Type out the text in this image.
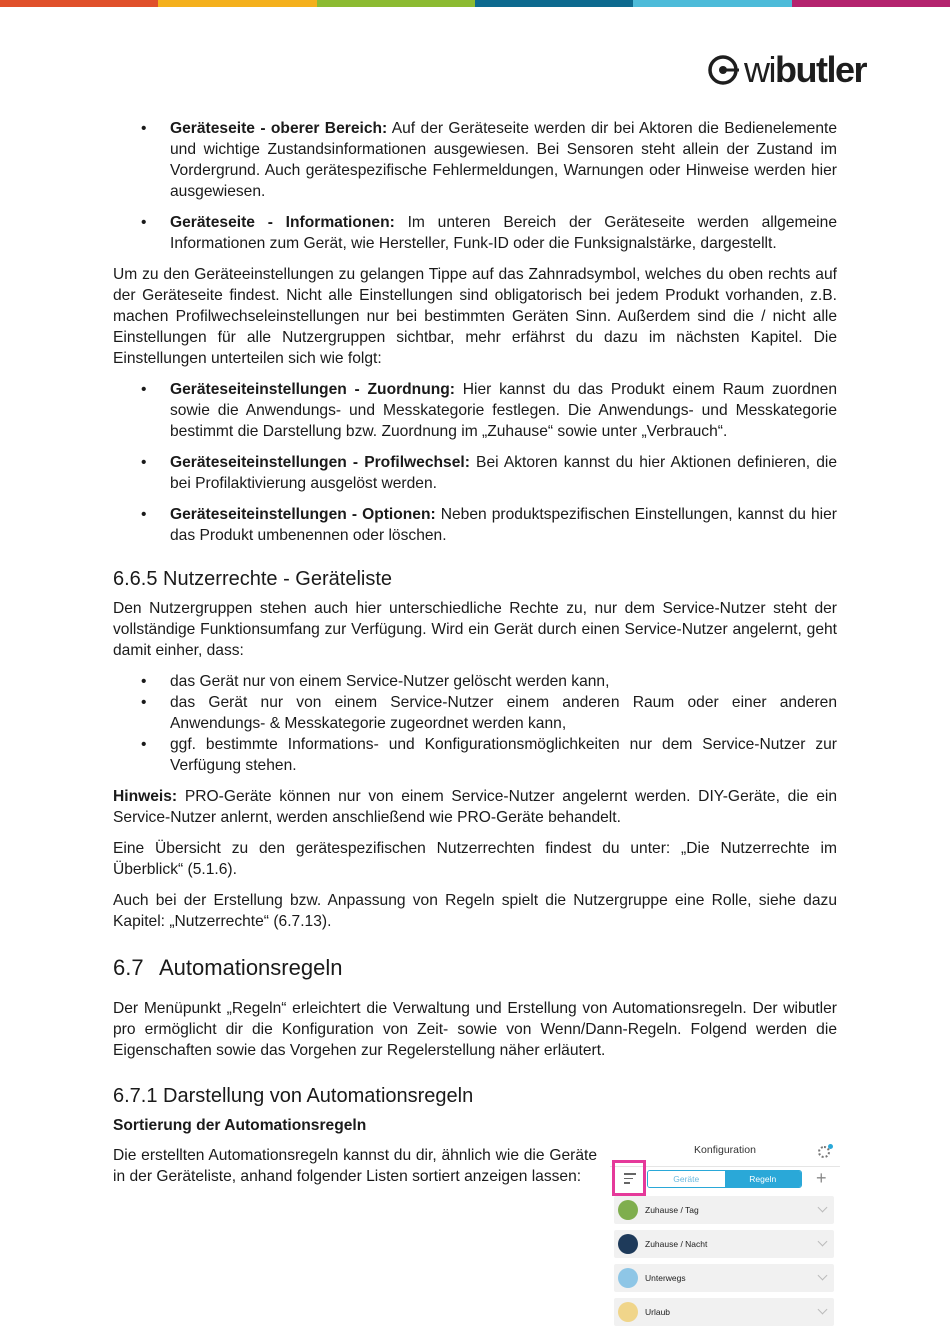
wibutler
• Geräteseite - oberer Bereich: Auf der Geräteseite werden dir bei Aktoren die Bedienelemente und wichtige Zustandsinformationen ausgewiesen. Bei Sensoren steht allein der Zustand im Vordergrund. Auch gerätespezifische Fehlermeldungen, Warnungen oder Hinweise werden hier ausgewiesen.
• Geräteseite - Informationen: Im unteren Bereich der Geräteseite werden allgemeine Informationen zum Gerät, wie Hersteller, Funk-ID oder die Funksignalstärke, dargestellt.

Um zu den Geräteeinstellungen zu gelangen Tippe auf das Zahnradsymbol, welches du oben rechts auf der Geräteseite findest. Nicht alle Einstellungen sind obligatorisch bei jedem Produkt vorhanden, z.B. machen Profilwechseleinstellungen nur bei bestimmten Geräten Sinn. Außerdem sind die / nicht alle Einstellungen für alle Nutzergruppen sichtbar, mehr erfährst du dazu im nächsten Kapitel. Die Einstellungen unterteilen sich wie folgt:

• Geräteseiteinstellungen - Zuordnung: Hier kannst du das Produkt einem Raum zuordnen sowie die Anwendungs- und Messkategorie festlegen. Die Anwendungs- und Messkategorie bestimmt die Darstellung bzw. Zuordnung im „Zuhause“ sowie unter „Verbrauch“.
• Geräteseiteinstellungen - Profilwechsel: Bei Aktoren kannst du hier Aktionen definieren, die bei Profilaktivierung ausgelöst werden.
• Geräteseiteinstellungen - Optionen: Neben produktspezifischen Einstellungen, kannst du hier das Produkt umbenennen oder löschen.
6.6.5 Nutzerrechte - Geräteliste

Den Nutzergruppen stehen auch hier unterschiedliche Rechte zu, nur dem Service-Nutzer steht der vollständige Funktionsumfang zur Verfügung. Wird ein Gerät durch einen Service-Nutzer angelernt, geht damit einher, dass:

• das Gerät nur von einem Service-Nutzer gelöscht werden kann,
• das Gerät nur von einem Service-Nutzer einem anderen Raum oder einer anderen Anwendungs- & Messkategorie zugeordnet werden kann,
• ggf. bestimmte Informations- und Konfigurationsmöglichkeiten nur dem Service-Nutzer zur Verfügung stehen.

Hinweis: PRO-Geräte können nur von einem Service-Nutzer angelernt werden. DIY-Geräte, die ein Service-Nutzer anlernt, werden anschließend wie PRO-Geräte behandelt.

Eine Übersicht zu den gerätespezifischen Nutzerrechten findest du unter: „Die Nutzerrechte im Überblick“ (5.1.6).

Auch bei der Erstellung bzw. Anpassung von Regeln spielt die Nutzergruppe eine Rolle, siehe dazu Kapitel: „Nutzerrechte“ (6.7.13).

6.7 Automationsregeln

Der Menüpunkt „Regeln“ erleichtert die Verwaltung und Erstellung von Automationsregeln. Der wibutler pro ermöglicht dir die Konfiguration von Zeit- sowie von Wenn/Dann-Regeln. Folgend werden die Eigenschaften sowie das Vorgehen zur Regelerstellung näher erläutert.

6.7.1 Darstellung von Automationsregeln
Sortierung der Automationsregeln

Die erstellten Automationsregeln kannst du dir, ähnlich wie die Geräte in der Geräteliste, anhand folgender Listen sortiert anzeigen lassen:

Konfiguration
Geräte	Regeln	+
Zuhause / Tag
Zuhause / Nacht
Unterwegs
Urlaub
